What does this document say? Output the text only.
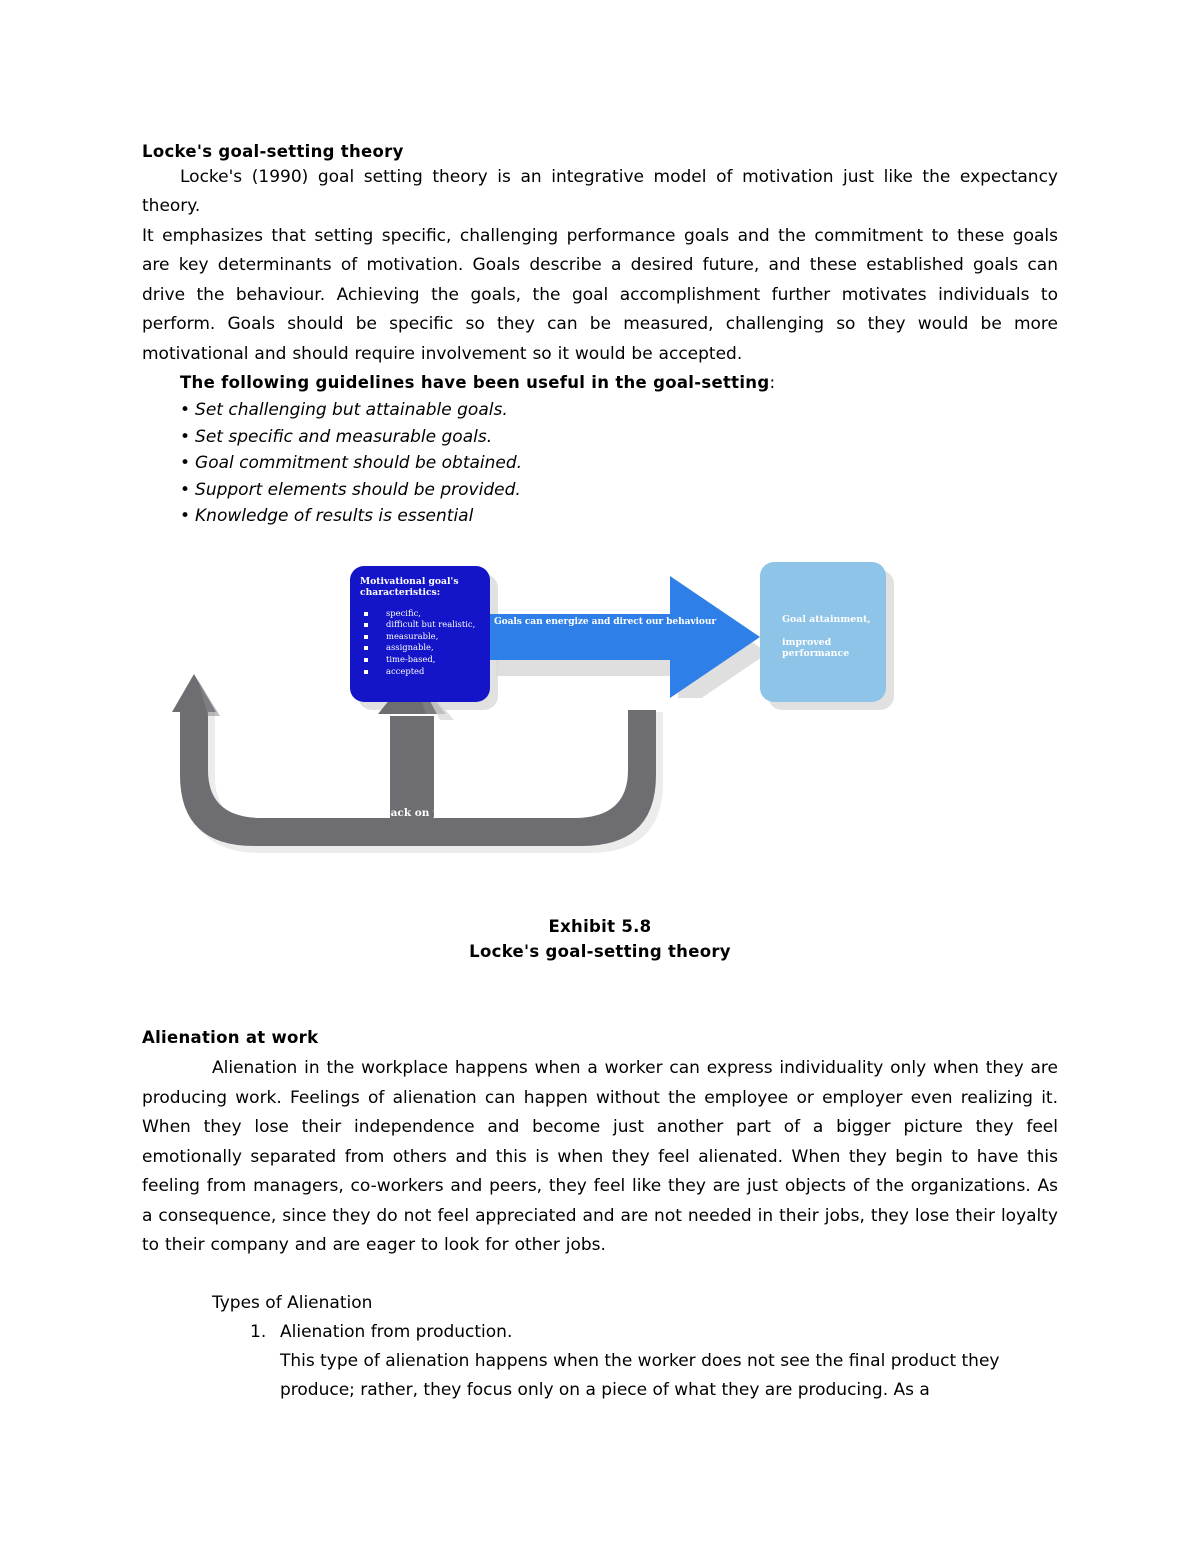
Locke's goal-setting theory

Locke's (1990) goal setting theory is an integrative model of motivation just like the expectancy theory.

It emphasizes that setting specific, challenging performance goals and the commitment to these goals are key determinants of motivation. Goals describe a desired future, and these established goals can drive the behaviour. Achieving the goals, the goal accomplishment further motivates individuals to perform. Goals should be specific so they can be measured, challenging so they would be more motivational and should require involvement so it would be accepted.

The following guidelines have been useful in the goal-setting:

• Set challenging but attainable goals.
• Set specific and measurable goals.
• Goal commitment should be obtained.
• Support elements should be provided.
• Knowledge of results is essential
Feedback on performance
Goals can energize and direct our behaviour

Motivational goal's
characteristics:

specific,
difficult but realistic,
measurable,
assignable,
time-based,
accepted

Goal attainment,

improved

performance

Exhibit 5.8

Locke's goal-setting theory

Alienation at work

Alienation in the workplace happens when a worker can express individuality only when they are producing work. Feelings of alienation can happen without the employee or employer even realizing it. When they lose their independence and become just another part of a bigger picture they feel emotionally separated from others and this is when they feel alienated. When they begin to have this feeling from managers, co-workers and peers, they feel like they are just objects of the organizations. As a consequence, since they do not feel appreciated and are not needed in their jobs, they lose their loyalty to their company and are eager to look for other jobs.

Types of Alienation

1. Alienation from production.

This type of alienation happens when the worker does not see the final product they produce; rather, they focus only on a piece of what they are producing. As a
